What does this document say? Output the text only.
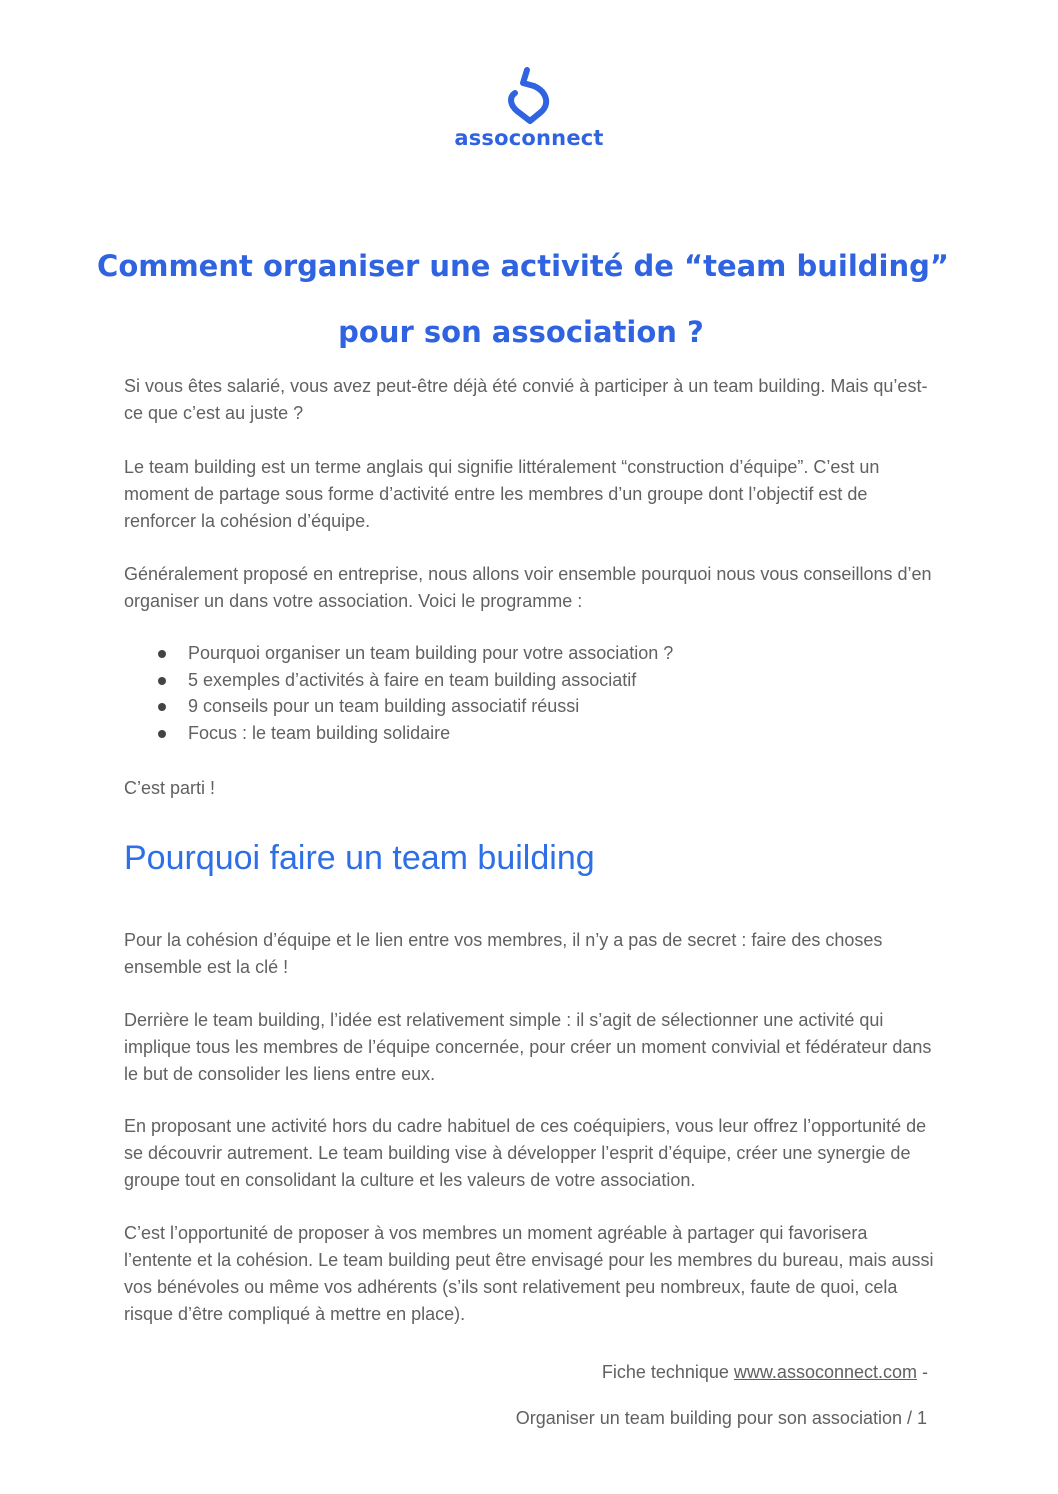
assoconnect
Comment organiser une activité de “team building”
pour son association ?

Si vous êtes salarié, vous avez peut-être déjà été convié à participer à un team building. Mais qu’est-ce que c’est au juste ?

Le team building est un terme anglais qui signifie littéralement “construction d’équipe”. C’est un moment de partage sous forme d’activité entre les membres d’un groupe dont l’objectif est de renforcer la cohésion d’équipe.

Généralement proposé en entreprise, nous allons voir ensemble pourquoi nous vous conseillons d’en organiser un dans votre association. Voici le programme :

Pourquoi organiser un team building pour votre association ?
5 exemples d’activités à faire en team building associatif
9 conseils pour un team building associatif réussi
Focus : le team building solidaire

C’est parti !

Pourquoi faire un team building

Pour la cohésion d’équipe et le lien entre vos membres, il n’y a pas de secret : faire des choses ensemble est la clé !

Derrière le team building, l’idée est relativement simple : il s’agit de sélectionner une activité qui implique tous les membres de l’équipe concernée, pour créer un moment convivial et fédérateur dans le but de consolider les liens entre eux.

En proposant une activité hors du cadre habituel de ces coéquipiers, vous leur offrez l’opportunité de se découvrir autrement. Le team building vise à développer l’esprit d’équipe, créer une synergie de groupe tout en consolidant la culture et les valeurs de votre association.

C’est l’opportunité de proposer à vos membres un moment agréable à partager qui favorisera l’entente et la cohésion. Le team building peut être envisagé pour les membres du bureau, mais aussi vos bénévoles ou même vos adhérents (s’ils sont relativement peu nombreux, faute de quoi, cela risque d’être compliqué à mettre en place).

Fiche technique www.assoconnect.com -
Organiser un team building pour son association / 1
